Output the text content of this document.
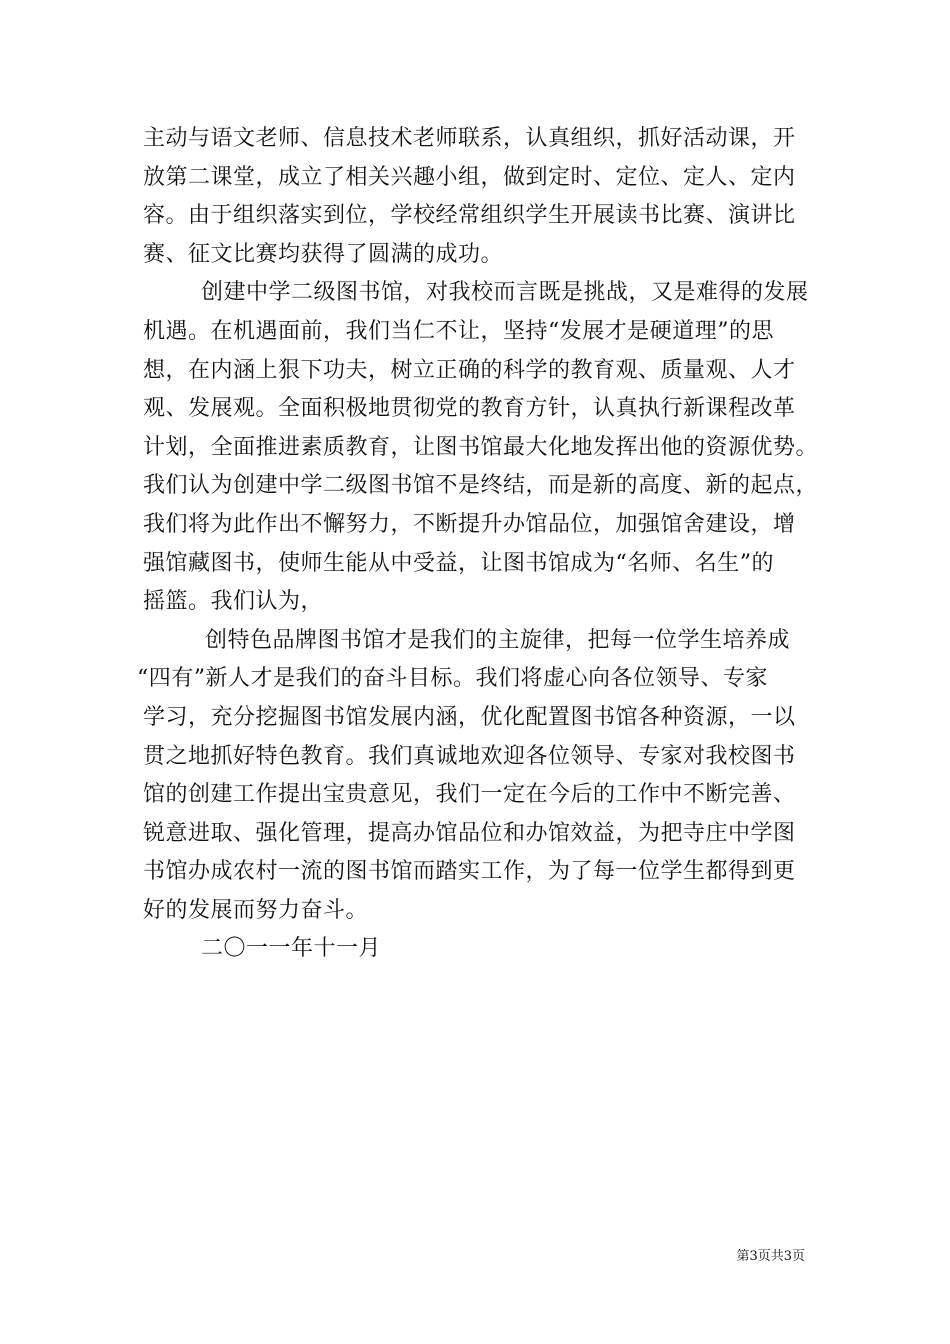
主动与语文老师、信息技术老师联系，认真组织，抓好活动课，开
放第二课堂，成立了相关兴趣小组，做到定时、定位、定人、定内
容。由于组织落实到位，学校经常组织学生开展读书比赛、演讲比
赛、征文比赛均获得了圆满的成功。
创建中学二级图书馆，对我校而言既是挑战，又是难得的发展
机遇。在机遇面前，我们当仁不让，坚持“发展才是硬道理”的思
想，在内涵上狠下功夫，树立正确的科学的教育观、质量观、人才
观、发展观。全面积极地贯彻党的教育方针，认真执行新课程改革
计划，全面推进素质教育，让图书馆最大化地发挥出他的资源优势。
我们认为创建中学二级图书馆不是终结，而是新的高度、新的起点，
我们将为此作出不懈努力，不断提升办馆品位，加强馆舍建设，增
强馆藏图书，使师生能从中受益，让图书馆成为“名师、名生”的
摇篮。我们认为，
创特色品牌图书馆才是我们的主旋律，把每一位学生培养成
“四有”新人才是我们的奋斗目标。我们将虚心向各位领导、专家
学习，充分挖掘图书馆发展内涵，优化配置图书馆各种资源，一以
贯之地抓好特色教育。我们真诚地欢迎各位领导、专家对我校图书
馆的创建工作提出宝贵意见，我们一定在今后的工作中不断完善、
锐意进取、强化管理，提高办馆品位和办馆效益，为把寺庄中学图
书馆办成农村一流的图书馆而踏实工作，为了每一位学生都得到更
好的发展而努力奋斗。
二〇一一年十一月
第3页共3页
